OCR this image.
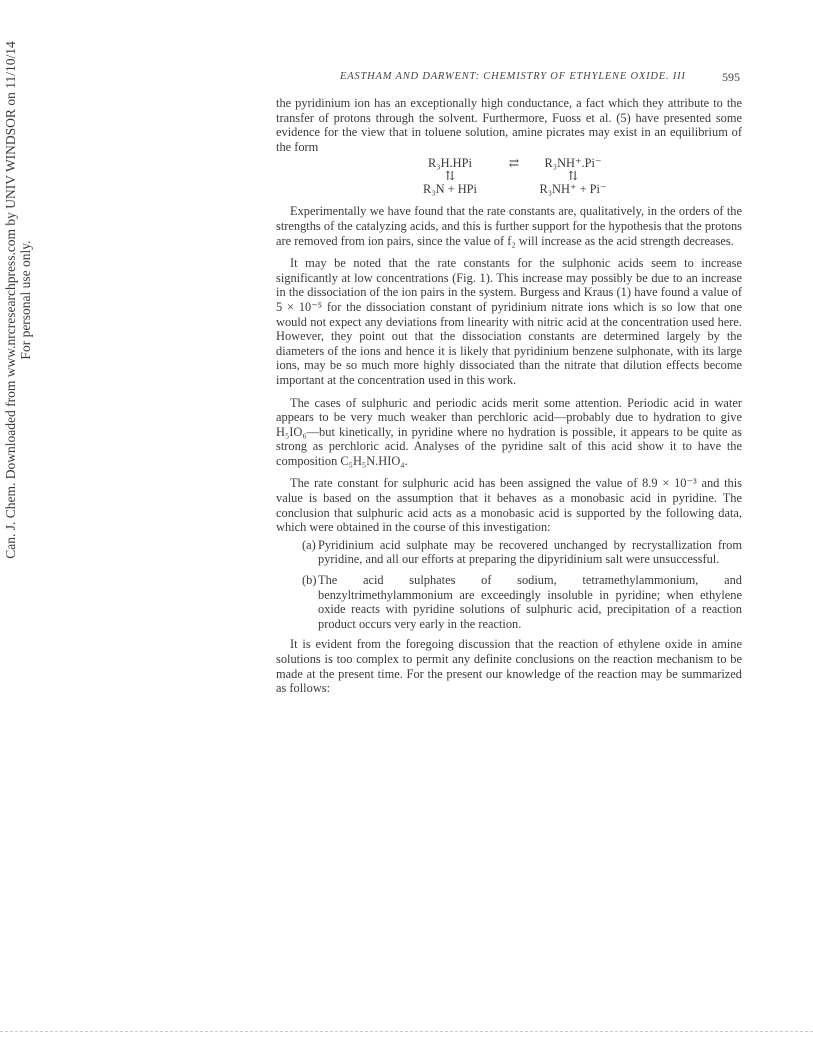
Can. J. Chem. Downloaded from www.nrcresearchpress.com by UNIV WINDSOR on 11/10/14 For personal use only.
EASTHAM AND DARWENT: CHEMISTRY OF ETHYLENE OXIDE. III	595

the pyridinium ion has an exceptionally high conductance, a fact which they attribute to the transfer of protons through the solvent. Furthermore, Fuoss et al. (5) have presented some evidence for the view that in toluene solution, amine picrates may exist in an equilibrium of the form

R₃H.HPi	⇄	R₃NH⁺.Pi⁻
⇅	⇅
R₃N + HPi	R₃NH⁺ + Pi⁻

Experimentally we have found that the rate constants are, qualitatively, in the orders of the strengths of the catalyzing acids, and this is further support for the hypothesis that the protons are removed from ion pairs, since the value of f₂ will increase as the acid strength decreases.

It may be noted that the rate constants for the sulphonic acids seem to increase significantly at low concentrations (Fig. 1). This increase may possibly be due to an increase in the dissociation of the ion pairs in the system. Burgess and Kraus (1) have found a value of 5 × 10⁻⁵ for the dissociation constant of pyridinium nitrate ions which is so low that one would not expect any deviations from linearity with nitric acid at the concentration used here. However, they point out that the dissociation constants are determined largely by the diameters of the ions and hence it is likely that pyridinium benzene sulphonate, with its large ions, may be so much more highly dissociated than the nitrate that dilution effects become important at the concentration used in this work.

The cases of sulphuric and periodic acids merit some attention. Periodic acid in water appears to be very much weaker than perchloric acid—probably due to hydration to give H₅IO₆—but kinetically, in pyridine where no hydration is possible, it appears to be quite as strong as perchloric acid. Analyses of the pyridine salt of this acid show it to have the composition C₅H₅N.HIO₄.

The rate constant for sulphuric acid has been assigned the value of 8.9 × 10⁻³ and this value is based on the assumption that it behaves as a monobasic acid in pyridine. The conclusion that sulphuric acid acts as a monobasic acid is supported by the following data, which were obtained in the course of this investigation:

(a) Pyridinium acid sulphate may be recovered unchanged by recrystallization from pyridine, and all our efforts at preparing the dipyridinium salt were unsuccessful.
(b) The acid sulphates of sodium, tetramethylammonium, and benzyltrimethylammonium are exceedingly insoluble in pyridine; when ethylene oxide reacts with pyridine solutions of sulphuric acid, precipitation of a reaction product occurs very early in the reaction.

It is evident from the foregoing discussion that the reaction of ethylene oxide in amine solutions is too complex to permit any definite conclusions on the reaction mechanism to be made at the present time. For the present our knowledge of the reaction may be summarized as follows:
